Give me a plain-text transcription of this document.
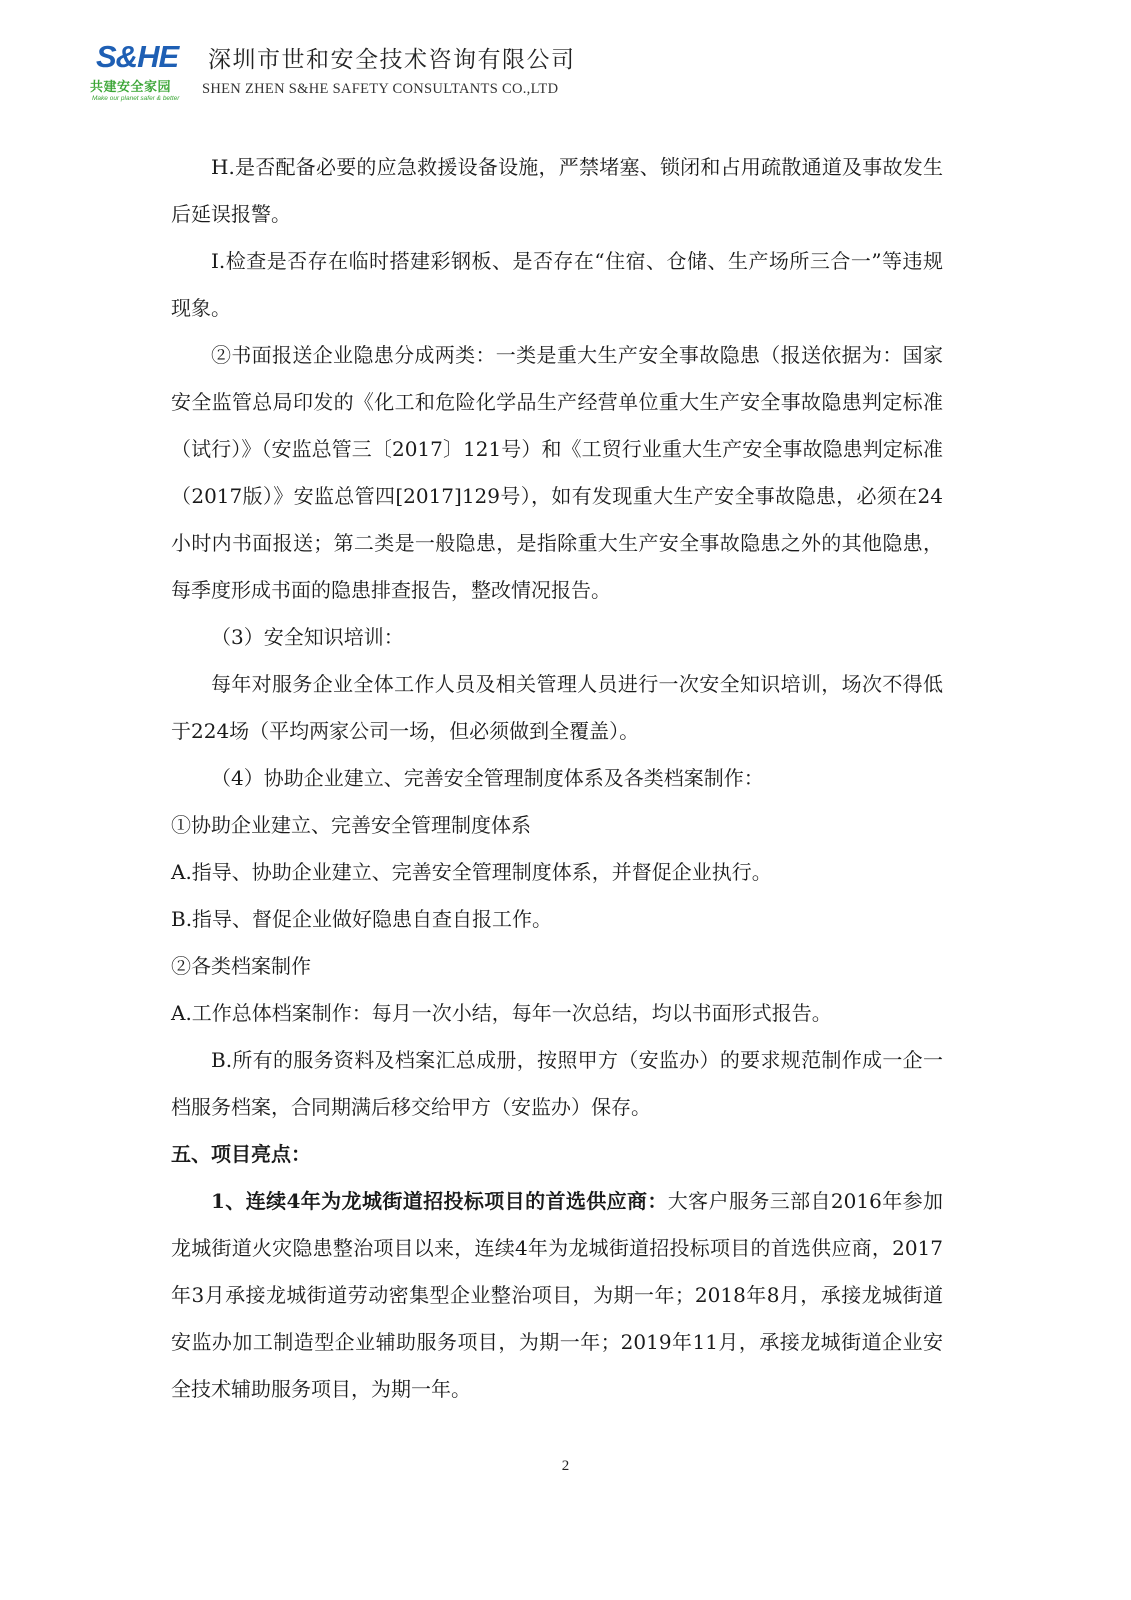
S&HE
共建安全家园
Make our planet safer & better
深圳市世和安全技术咨询有限公司
SHEN ZHEN S&HE SAFETY CONSULTANTS CO.,LTD

H.是否配备必要的应急救援设备设施，严禁堵塞、锁闭和占用疏散通道及事故发生后延误报警。

I.检查是否存在临时搭建彩钢板、是否存在“住宿、仓储、生产场所三合一”等违规现象。

②书面报送企业隐患分成两类：一类是重大生产安全事故隐患（报送依据为：国家安全监管总局印发的《化工和危险化学品生产经营单位重大生产安全事故隐患判定标准（试行）》（安监总管三〔2017〕121号）和《工贸行业重大生产安全事故隐患判定标准（2017版）》安监总管四[2017]129号），如有发现重大生产安全事故隐患，必须在24小时内书面报送；第二类是一般隐患，是指除重大生产安全事故隐患之外的其他隐患，每季度形成书面的隐患排查报告，整改情况报告。

（3）安全知识培训：

每年对服务企业全体工作人员及相关管理人员进行一次安全知识培训，场次不得低于224场（平均两家公司一场，但必须做到全覆盖）。

（4）协助企业建立、完善安全管理制度体系及各类档案制作：

①协助企业建立、完善安全管理制度体系

A.指导、协助企业建立、完善安全管理制度体系，并督促企业执行。

B.指导、督促企业做好隐患自查自报工作。

②各类档案制作

A.工作总体档案制作：每月一次小结，每年一次总结，均以书面形式报告。

B.所有的服务资料及档案汇总成册，按照甲方（安监办）的要求规范制作成一企一档服务档案，合同期满后移交给甲方（安监办）保存。

五、项目亮点：

1、连续4年为龙城街道招投标项目的首选供应商：大客户服务三部自2016年参加龙城街道火灾隐患整治项目以来，连续4年为龙城街道招投标项目的首选供应商，2017年3月承接龙城街道劳动密集型企业整治项目，为期一年；2018年8月，承接龙城街道安监办加工制造型企业辅助服务项目，为期一年；2019年11月，承接龙城街道企业安全技术辅助服务项目，为期一年。

2
